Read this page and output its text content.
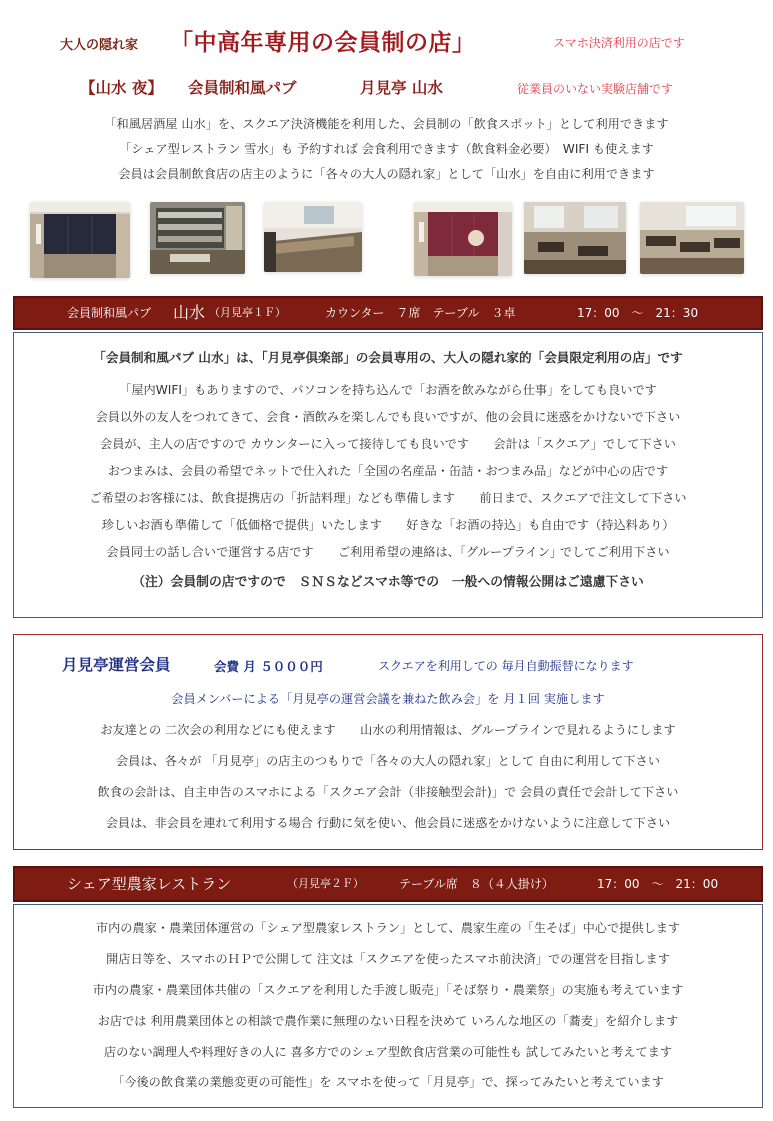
大人の隠れ家 「中高年専用の会員制の店」	スマホ決済利用の店です
【山水 夜】 会員制和風パブ	月見亭 山水	従業員のいない実験店舗です
「和風居酒屋 山水」を、スクエア決済機能を利用した、会員制の「飲食スポット」として利用できます
「シェア型レストラン 雪水」も 予約すれば 会食利用できます（飲食料金必要）　WIFI も使えます
会員は会員制飲食店の店主のように「各々の大人の隠れ家」として「山水」を自由に利用できます
会員制和風パブ 山水 （月見亭１Ｆ）	カウンター　７席　テーブル　３卓	17：00　～　21：30
「会員制和風パブ 山水」は、「月見亭倶楽部」の会員専用の、大人の隠れ家的「会員限定利用の店」です
「屋内WIFI」もありますので、パソコンを持ち込んで「お酒を飲みながら仕事」をしても良いです
会員以外の友人をつれてきて、会食・酒飲みを楽しんでも良いですが、他の会員に迷惑をかけないで下さい
会員が、主人の店ですので カウンターに入って接待しても良いです　　会計は「スクエア」でして下さい
おつまみは、会員の希望でネットで仕入れた「全国の名産品・缶詰・おつまみ品」などが中心の店です
ご希望のお客様には、飲食提携店の「折詰料理」なども準備します　　前日まで、スクエアで注文して下さい
珍しいお酒も準備して「低価格で提供」いたします　　好きな「お酒の持込」も自由です（持込料あり）
会員同士の話し合いで運営する店です　　ご利用希望の連絡は、｢グループライン｣ でしてご利用下さい
（注）会員制の店ですので　ＳＮＳなどスマホ等での　一般への情報公開はご遠慮下さい
月見亭運営会員	会費 月 ５０００円	スクエアを利用しての 毎月自動振替になります
会員メンバーによる「月見亭の運営会議を兼ねた飲み会」を 月１回 実施します
お友達との 二次会の利用などにも使えます　　山水の利用情報は、グループラインで見れるようにします
会員は、各々が 「月見亭」の店主のつもりで「各々の大人の隠れ家」として 自由に利用して下さい
飲食の会計は、自主申告のスマホによる「スクエア会計（非接触型会計)」で 会員の責任で会計して下さい
会員は、非会員を連れて利用する場合 行動に気を使い、他会員に迷惑をかけないように注意して下さい
シェア型農家レストラン	（月見亭２Ｆ）	テーブル席　８（４人掛け）	17：00　～　21：00
市内の農家・農業団体運営の「シェア型農家レストラン」として、農家生産の「生そば」中心で提供します
開店日等を、スマホのＨＰで公開して 注文は「スクエアを使ったスマホ前決済」での運営を目指します
市内の農家・農業団体共催の「スクエアを利用した手渡し販売」「そば祭り・農業祭」の実施も考えています
お店では 利用農業団体との相談で農作業に無理のない日程を決めて いろんな地区の「蕎麦」を紹介します
店のない調理人や料理好きの人に 喜多方でのシェア型飲食店営業の可能性も 試してみたいと考えてます
「今後の飲食業の業態変更の可能性」を スマホを使って「月見亭」で、探ってみたいと考えています
